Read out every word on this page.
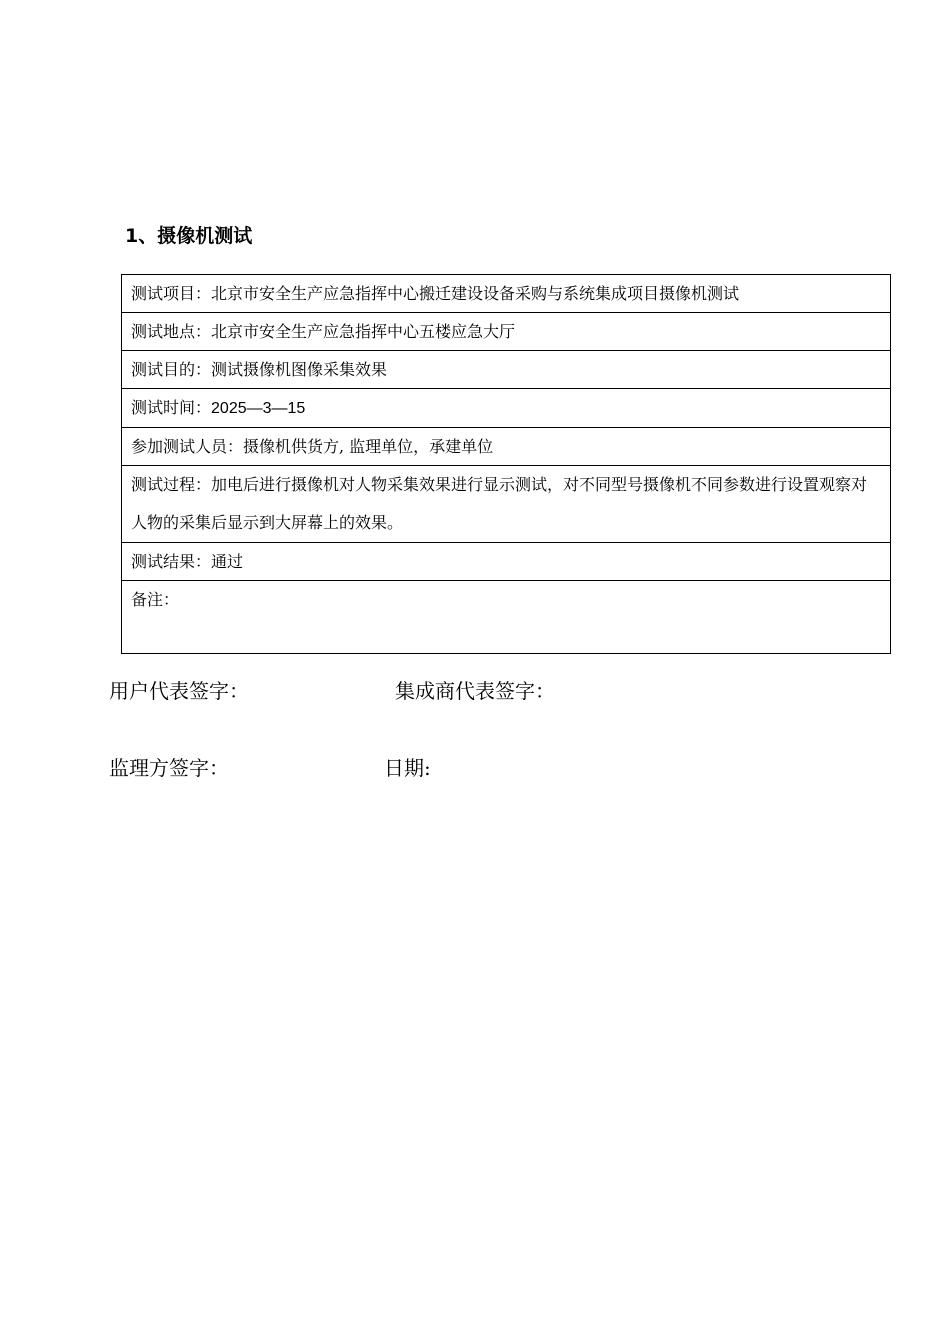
1、摄像机测试
测试项目：北京市安全生产应急指挥中心搬迁建设设备采购与系统集成项目摄像机测试
测试地点：北京市安全生产应急指挥中心五楼应急大厅
测试目的：测试摄像机图像采集效果
测试时间：2025—3—15
参加测试人员：摄像机供货方, 监理单位，承建单位
测试过程：加电后进行摄像机对人物采集效果进行显示测试，对不同型号摄像机不同参数进行设置观察对人物的采集后显示到大屏幕上的效果。
测试结果：通过
备注：
用户代表签字：	集成商代表签字：
监理方签字：	日期:
